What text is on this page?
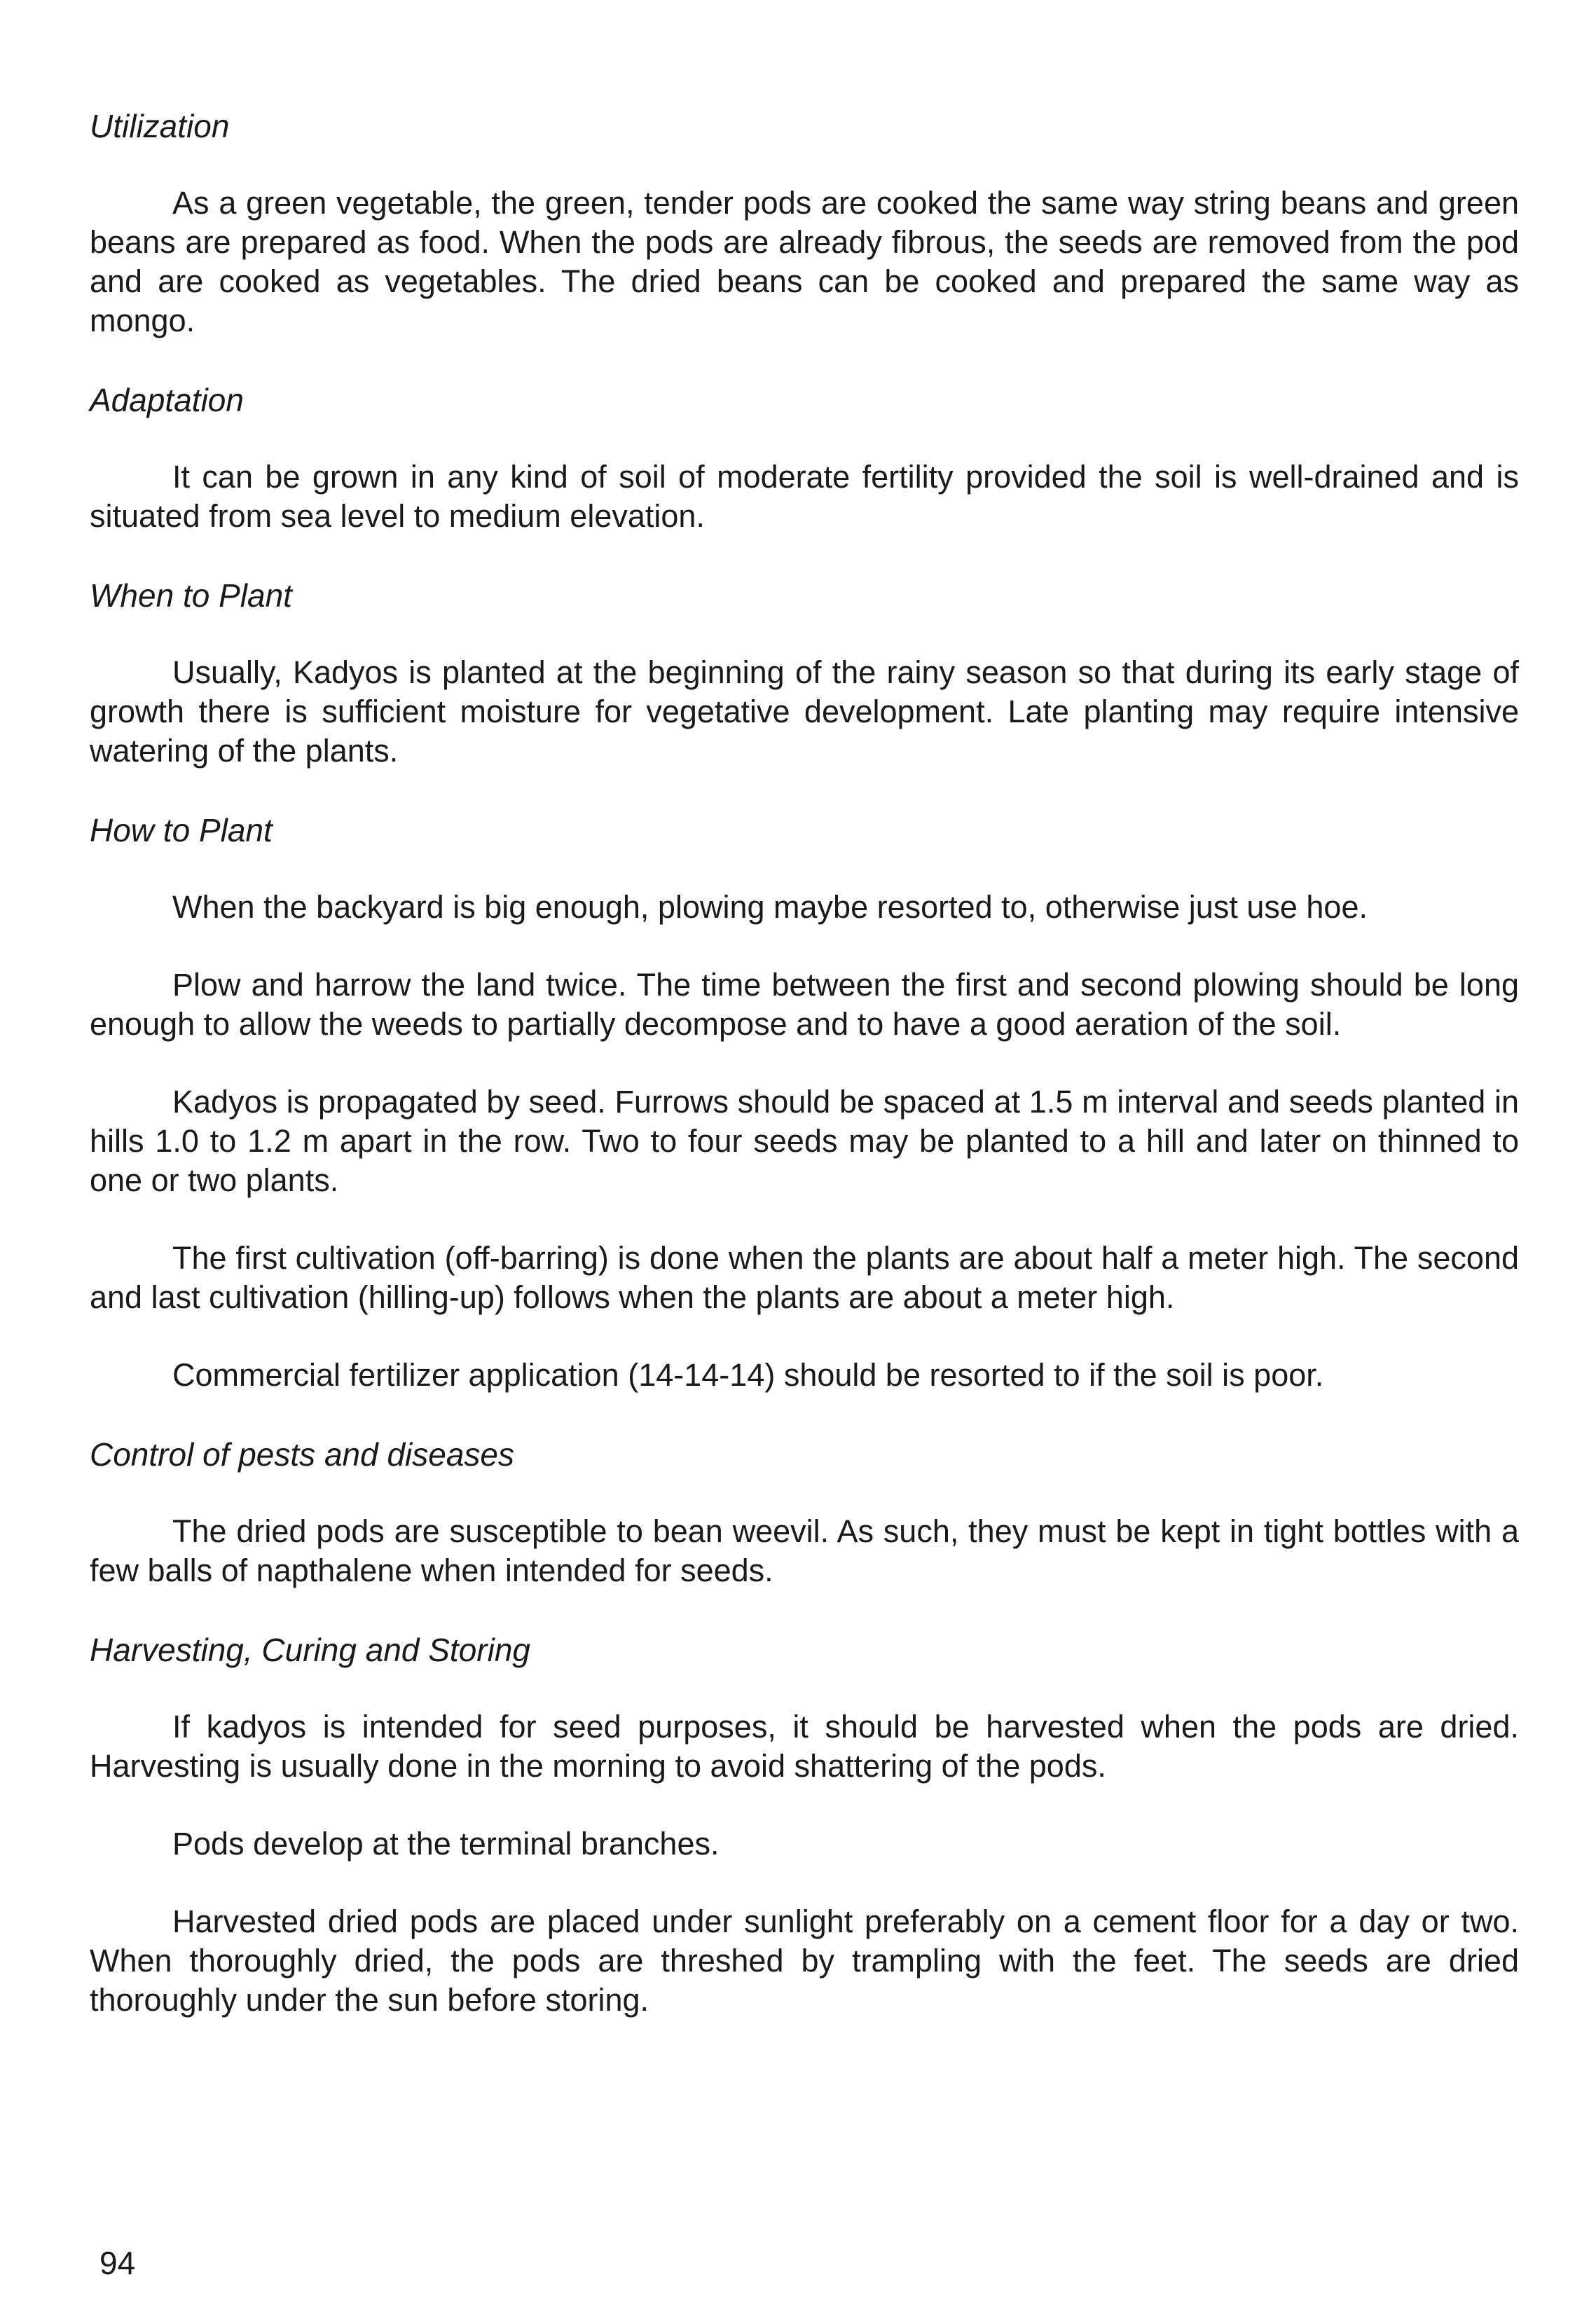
Utilization

As a green vegetable, the green, tender pods are cooked the same way string beans and green beans are prepared as food. When the pods are already fibrous, the seeds are removed from the pod and are cooked as vegetables. The dried beans can be cooked and prepared the same way as mongo.

Adaptation

It can be grown in any kind of soil of moderate fertility provided the soil is well-drained and is situated from sea level to medium elevation.

When to Plant

Usually, Kadyos is planted at the beginning of the rainy season so that during its early stage of growth there is sufficient moisture for vegetative development. Late planting may require intensive watering of the plants.

How to Plant

When the backyard is big enough, plowing maybe resorted to, otherwise just use hoe.

Plow and harrow the land twice. The time between the first and second plowing should be long enough to allow the weeds to partially decompose and to have a good aeration of the soil.

Kadyos is propagated by seed. Furrows should be spaced at 1.5 m interval and seeds planted in hills 1.0 to 1.2 m apart in the row. Two to four seeds may be planted to a hill and later on thinned to one or two plants.

The first cultivation (off-barring) is done when the plants are about half a meter high. The second and last cultivation (hilling-up) follows when the plants are about a meter high.

Commercial fertilizer application (14-14-14) should be resorted to if the soil is poor.

Control of pests and diseases

The dried pods are susceptible to bean weevil. As such, they must be kept in tight bottles with a few balls of napthalene when intended for seeds.

Harvesting, Curing and Storing

If kadyos is intended for seed purposes, it should be harvested when the pods are dried. Harvesting is usually done in the morning to avoid shattering of the pods.

Pods develop at the terminal branches.

Harvested dried pods are placed under sunlight preferably on a cement floor for a day or two. When thoroughly dried, the pods are threshed by trampling with the feet. The seeds are dried thoroughly under the sun before storing.

94
